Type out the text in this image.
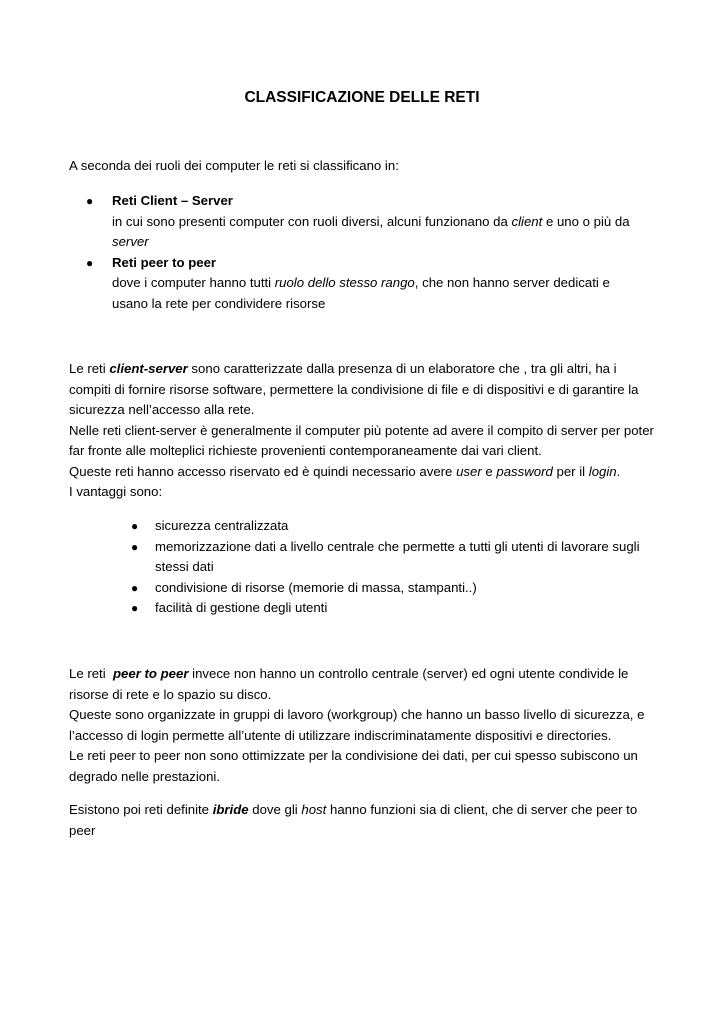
CLASSIFICAZIONE DELLE RETI

A seconda dei ruoli dei computer le reti si classificano in:

● Reti Client – Server
in cui sono presenti computer con ruoli diversi, alcuni funzionano da client e uno o più da
server
● Reti peer to peer
dove i computer hanno tutti ruolo dello stesso rango, che non hanno server dedicati e
usano la rete per condividere risorse

Le reti client-server sono caratterizzate dalla presenza di un elaboratore che , tra gli altri, ha i compiti di fornire risorse software, permettere la condivisione di file e di dispositivi e di garantire la sicurezza nell’accesso alla rete.

Nelle reti client-server è generalmente il computer più potente ad avere il compito di server per poter far fronte alle molteplici richieste provenienti contemporaneamente dai vari client.

Queste reti hanno accesso riservato ed è quindi necessario avere user e password per il login.

I vantaggi sono:

● sicurezza centralizzata
● memorizzazione dati a livello centrale che permette a tutti gli utenti di lavorare sugli stessi dati
● condivisione di risorse (memorie di massa, stampanti..)
● facilità di gestione degli utenti

Le reti  peer to peer invece non hanno un controllo centrale (server) ed ogni utente condivide le risorse di rete e lo spazio su disco.

Queste sono organizzate in gruppi di lavoro (workgroup) che hanno un basso livello di sicurezza, e l’accesso di login permette all’utente di utilizzare indiscriminatamente dispositivi e directories.

Le reti peer to peer non sono ottimizzate per la condivisione dei dati, per cui spesso subiscono un degrado nelle prestazioni.

Esistono poi reti definite ibride dove gli host hanno funzioni sia di client, che di server che peer to peer
